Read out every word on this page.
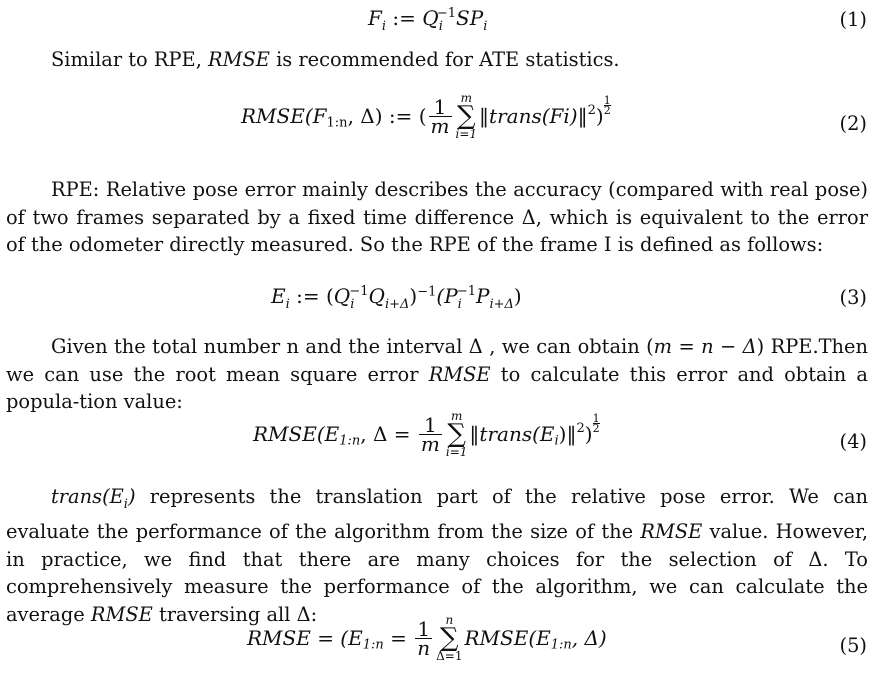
$F_i$ := $Q_i^{-1}SP_i$	(1)
Similar to RPE, RMSE is recommended for ATE statistics.
$RMSE(F_{1:n}$, Δ) := ( $\frac{1}{m}$ m
∑
i=1
‖trans(Fi)‖$^2$) $\frac{1}{2}$
(2)
RPE: Relative pose error mainly describes the accuracy (compared with real pose) of two frames separated by a fixed time difference Δ, which is equivalent to the error of the odometer directly measured. So the RPE of the frame I is defined as follows:
$E_i$ := $(Q_i^{-1}Q_{i+\Delta})^{-1}(P_i^{-1}P_{i+\Delta})$	(3)
Given the total number n and the interval Δ , we can obtain (m = n − Δ) RPE.Then we can use the root mean square error RMSE to calculate this error and obtain a popula-tion value:
$RMSE(E_{1:n}$, $\Delta = \frac{1}{m}$ m
∑
i=1
$‖trans(E_i)‖^2) \frac{1}{2}$
(4)
$trans(E_i)$ represents the translation part of the relative pose error. We can evaluate the performance of the algorithm from the size of the RMSE value. However, in practice, we find that there are many choices for the selection of Δ. To comprehensively measure the performance of the algorithm, we can calculate the average RMSE traversing all Δ:
RMSE = ($E_{1:n} = \frac{1}{n}$	n
∑
Δ=1
$RMSE(E_{1:n}$, Δ)	(5)
